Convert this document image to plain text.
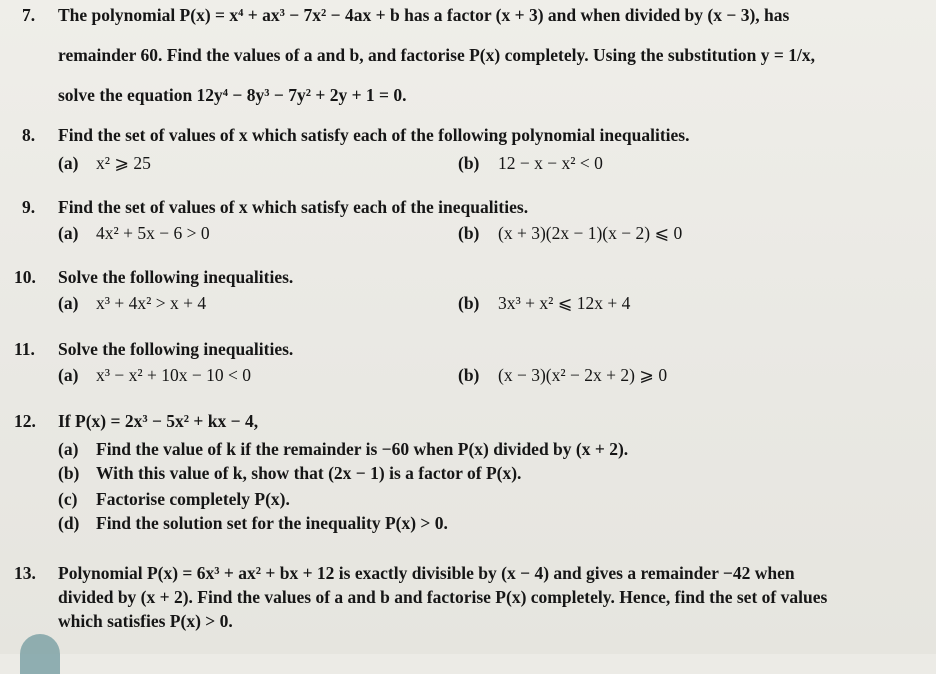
7. The polynomial P(x) = x⁴ + ax³ − 7x² − 4ax + b has a factor (x + 3) and when divided by (x − 3), has
remainder 60. Find the values of a and b, and factorise P(x) completely. Using the substitution y = 1/x,
solve the equation 12y⁴ − 8y³ − 7y² + 2y + 1 = 0.
8. Find the set of values of x which satisfy each of the following polynomial inequalities.
(a) x² ⩾ 25	(b) 12 − x − x² < 0
9. Find the set of values of x which satisfy each of the inequalities.
(a) 4x² + 5x − 6 > 0	(b) (x + 3)(2x − 1)(x − 2) ⩽ 0
10. Solve the following inequalities.
(a) x³ + 4x² > x + 4	(b) 3x³ + x² ⩽ 12x + 4
11. Solve the following inequalities.
(a) x³ − x² + 10x − 10 < 0	(b) (x − 3)(x² − 2x + 2) ⩾ 0
12. If P(x) = 2x³ − 5x² + kx − 4,
(a) Find the value of k if the remainder is −60 when P(x) divided by (x + 2).
(b) With this value of k, show that (2x − 1) is a factor of P(x).
(c) Factorise completely P(x).
(d) Find the solution set for the inequality P(x) > 0.
13. Polynomial P(x) = 6x³ + ax² + bx + 12 is exactly divisible by (x − 4) and gives a remainder −42 when
divided by (x + 2). Find the values of a and b and factorise P(x) completely. Hence, find the set of values
which satisfies P(x) > 0.
